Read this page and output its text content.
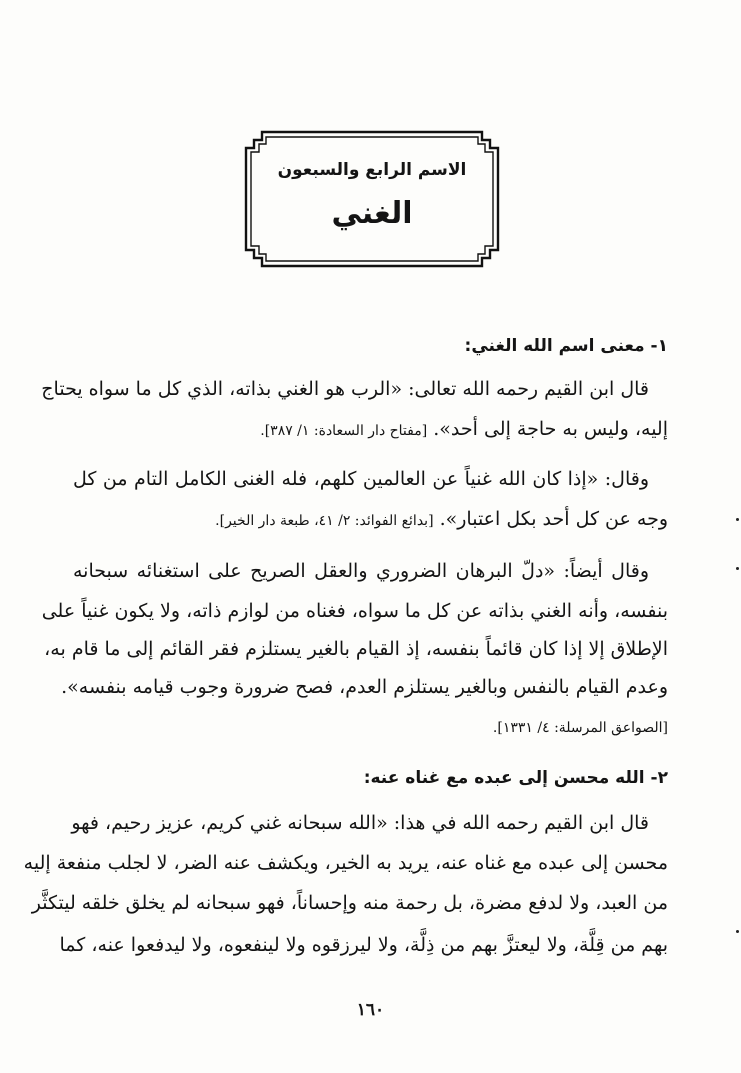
الاسم الرابع والسبعون
الغني
١- معنى اسم الله الغني:
قال ابن القيم رحمه الله تعالى: «الرب هو الغني بذاته، الذي كل ما سواه يحتاج
إليه، وليس به حاجة إلى أحد». [مفتاح دار السعادة: ١/ ٣٨٧].
وقال: «إذا كان الله غنياً عن العالمين كلهم، فله الغنى الكامل التام من كل
وجه عن كل أحد بكل اعتبار». [بدائع الفوائد: ٢/ ٤١، طبعة دار الخير].
وقال أيضاً: «دلّ البرهان الضروري والعقل الصريح على استغنائه سبحانه
بنفسه، وأنه الغني بذاته عن كل ما سواه، فغناه من لوازم ذاته، ولا يكون غنياً على
الإطلاق إلا إذا كان قائماً بنفسه، إذ القيام بالغير يستلزم فقر القائم إلى ما قام به،
وعدم القيام بالنفس وبالغير يستلزم العدم، فصح ضرورة وجوب قيامه بنفسه».
[الصواعق المرسلة: ٤/ ١٣٣١].
٢- الله محسن إلى عبده مع غناه عنه:
قال ابن القيم رحمه الله في هذا: «الله سبحانه غني كريم، عزيز رحيم، فهو
محسن إلى عبده مع غناه عنه، يريد به الخير، ويكشف عنه الضر، لا لجلب منفعة إليه
من العبد، ولا لدفع مضرة، بل رحمة منه وإحساناً، فهو سبحانه لم يخلق خلقه ليتكثَّر
بهم من قِلَّة، ولا ليعتزَّ بهم من ذِلَّة، ولا ليرزقوه ولا لينفعوه، ولا ليدفعوا عنه، كما
١٦٠
